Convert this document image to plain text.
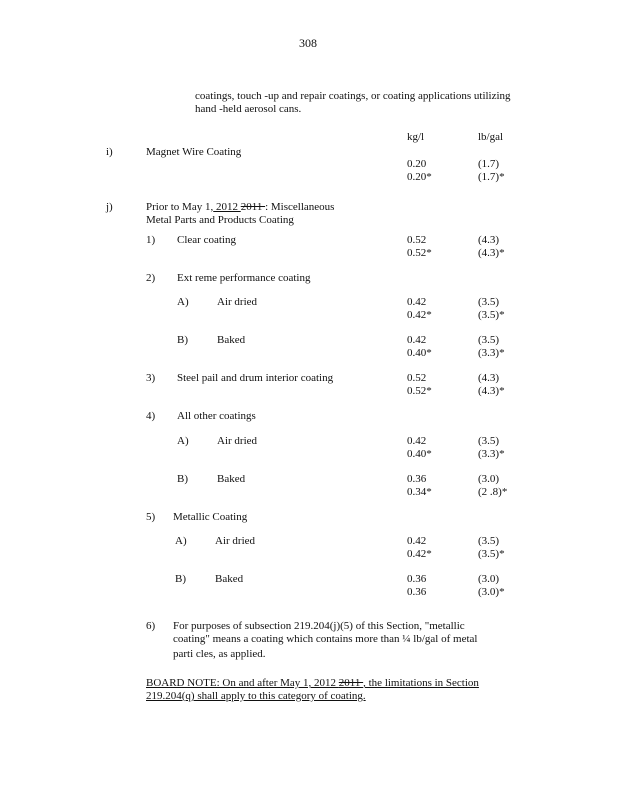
308
coatings, touch -up and repair coatings, or coating applications utilizing
hand -held aerosol cans.
kg/l	lb/gal
i)	Magnet Wire Coating
0.20	(1.7)
0.20*	(1.7)*
j)	Prior to May 1, 2012 2011 : Miscellaneous
Metal Parts and Products Coating
1) Clear coating	0.52	(4.3)
0.52*	(4.3)*
2) Ext reme performance coating
A)	Air dried	0.42	(3.5)
0.42*	(3.5)*
B)	Baked	0.42	(3.5)
0.40*	(3.3)*
3) Steel pail and drum interior coating	0.52	(4.3)
0.52*	(4.3)*
4) All other coatings
A)	Air dried	0.42	(3.5)
0.40*	(3.3)*
B)	Baked	0.36	(3.0)
0.34*	(2 .8)*
5) Metallic Coating
A)	Air dried	0.42	(3.5)
0.42*	(3.5)*
B)	Baked	0.36	(3.0)
0.36	(3.0)*
6) For purposes of subsection 219.204(j)(5) of this Section, "metallic
coating" means a coating which contains more than ¼ lb/gal of metal
parti cles, as applied.
BOARD NOTE: On and after May 1, 2012 2011 , the limitations in Section
219.204(q) shall apply to this category of coating.
